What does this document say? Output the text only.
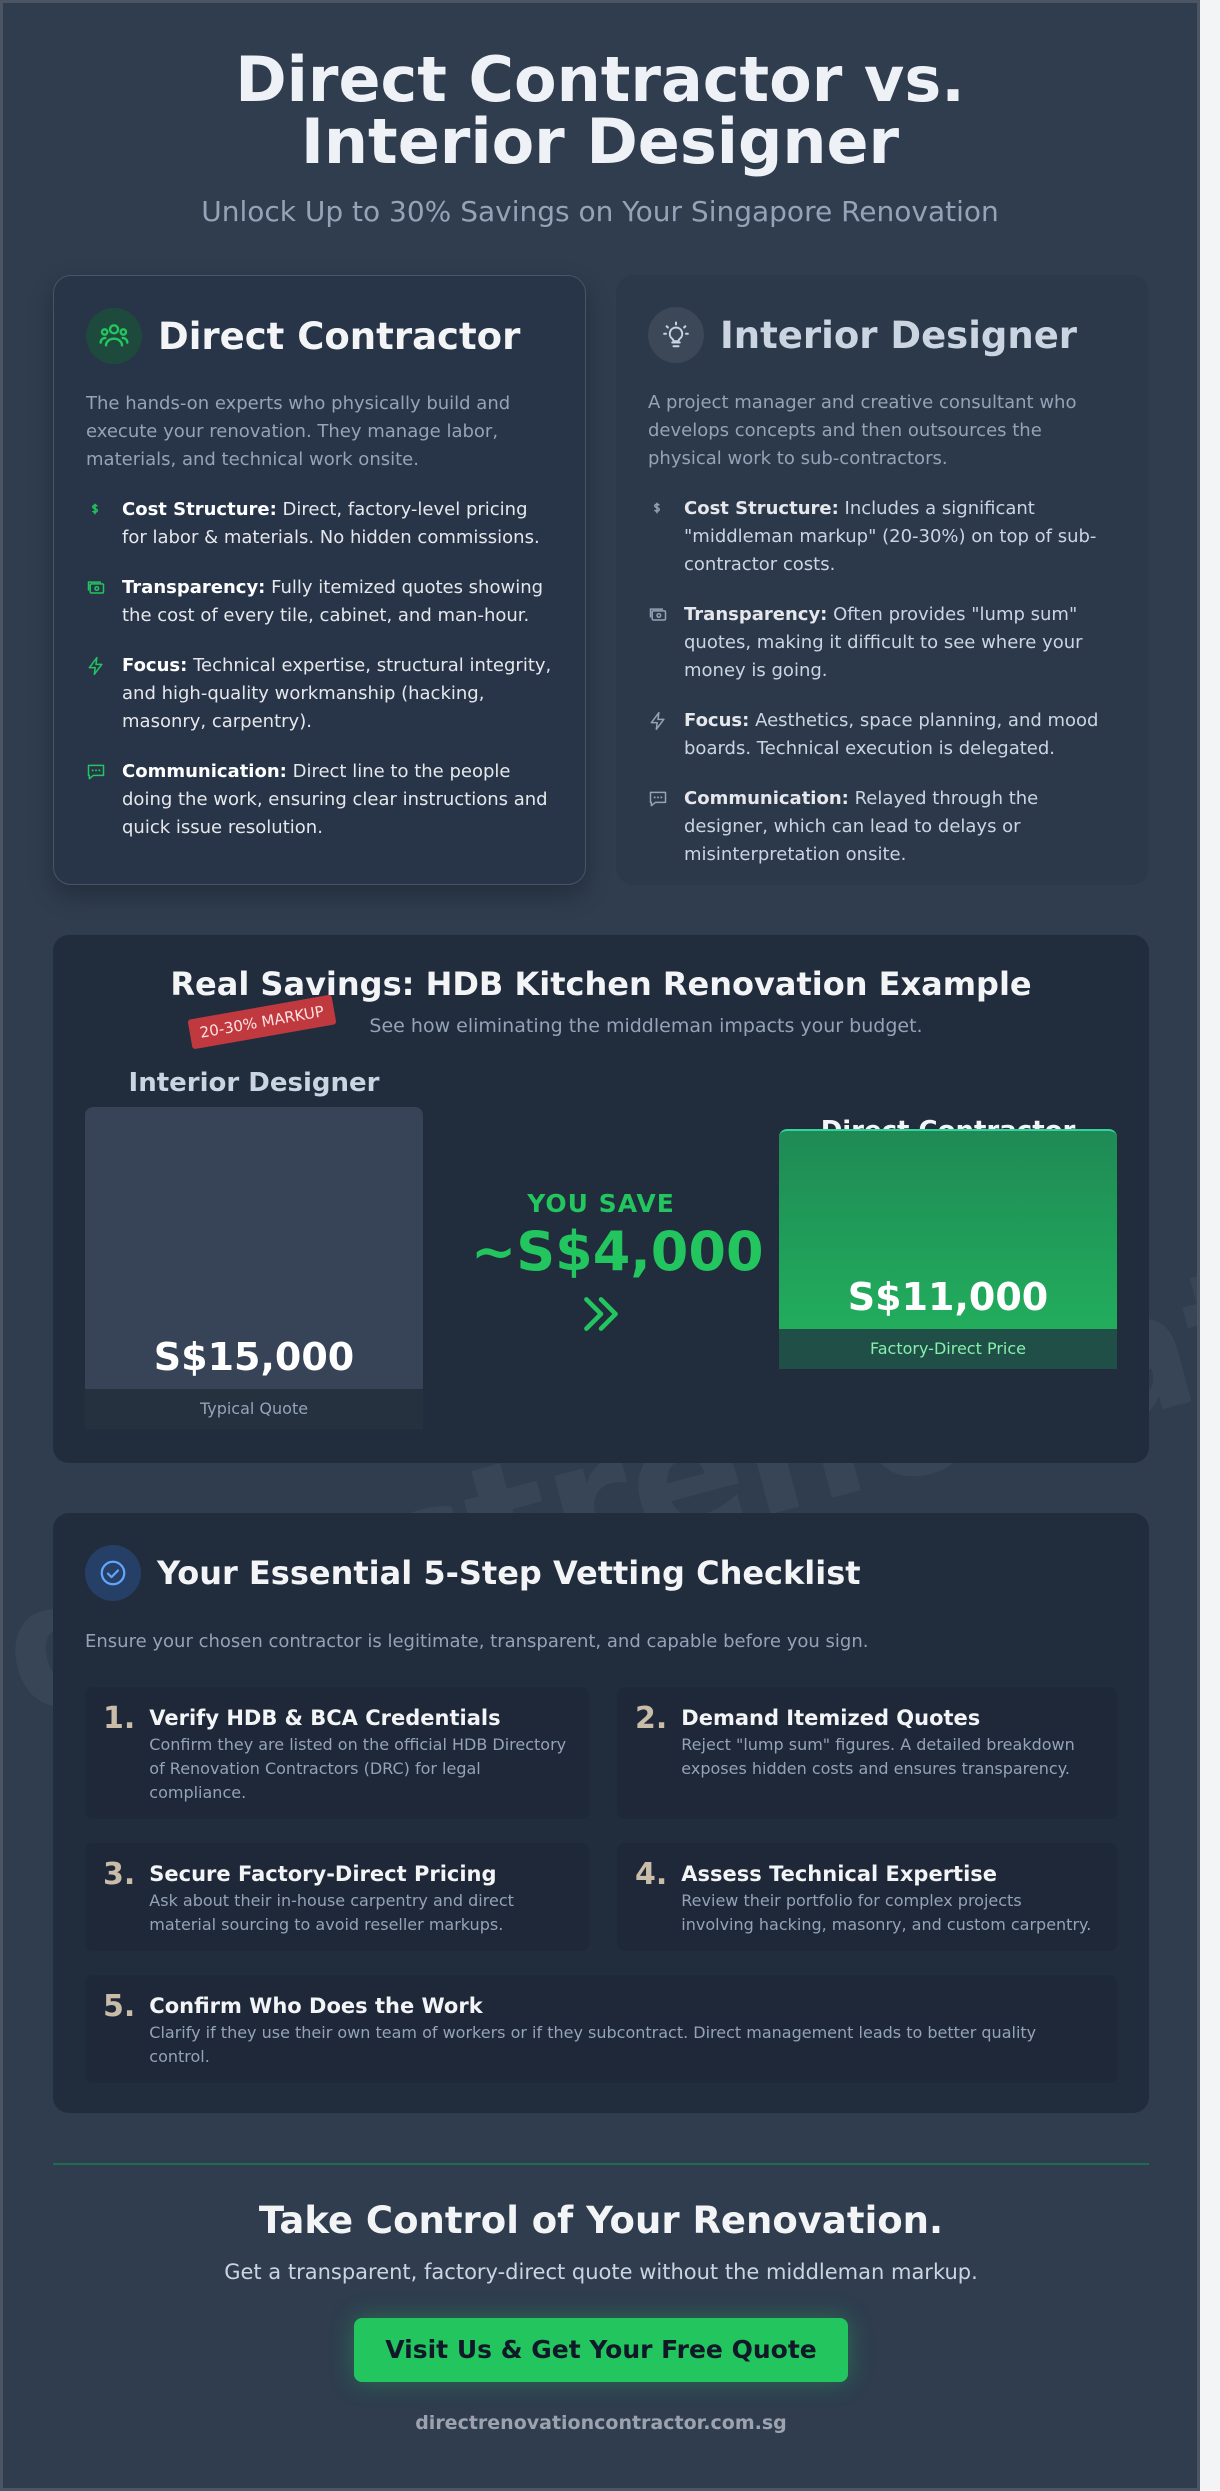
Direct Contractor vs. Interior Designer
Unlock Up to 30% Savings on Your Singapore Renovation
Direct Contractor
The hands-on experts who physically build and execute your renovation. They manage labor, materials, and technical work onsite.
Cost Structure: Direct, factory-level pricing for labor & materials. No hidden commissions.
Transparency: Fully itemized quotes showing the cost of every tile, cabinet, and man-hour.
Focus: Technical expertise, structural integrity, and high-quality workmanship (hacking, masonry, carpentry).
Communication: Direct line to the people doing the work, ensuring clear instructions and quick issue resolution.
Interior Designer
A project manager and creative consultant who develops concepts and then outsources the physical work to sub-contractors.
Cost Structure: Includes a significant "middleman markup" (20-30%) on top of sub-contractor costs.
Transparency: Often provides "lump sum" quotes, making it difficult to see where your money is going.
Focus: Aesthetics, space planning, and mood boards. Technical execution is delegated.
Communication: Relayed through the designer, which can lead to delays or misinterpretation onsite.
Real Savings: HDB Kitchen Renovation Example
See how eliminating the middleman impacts your budget.
Interior Designer
S$15,000
Typical Quote
20-30% MARKUP
YOU SAVE
~S$4,000
S$11,000
Factory-Direct Price
Your Essential 5-Step Vetting Checklist
Ensure your chosen contractor is legitimate, transparent, and capable before you sign.
1. Verify HDB & BCA Credentials
Confirm they are listed on the official HDB Directory of Renovation Contractors (DRC) for legal compliance.
2. Demand Itemized Quotes
Reject "lump sum" figures. A detailed breakdown exposes hidden costs and ensures transparency.
3. Secure Factory-Direct Pricing
Ask about their in-house carpentry and direct material sourcing to avoid reseller markups.
4. Assess Technical Expertise
Review their portfolio for complex projects involving hacking, masonry, and custom carpentry.
5. Confirm Who Does the Work
Clarify if they use their own team of workers or if they subcontract. Direct management leads to better quality control.
Take Control of Your Renovation.
Get a transparent, factory-direct quote without the middleman markup.
Visit Us & Get Your Free Quote
directrenovationcontractor.com.sg
